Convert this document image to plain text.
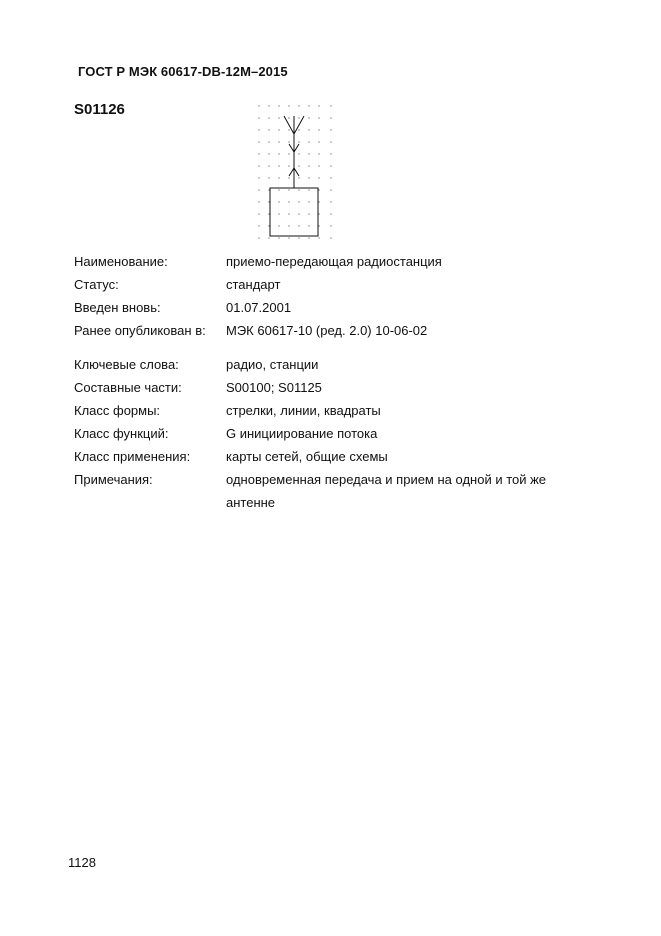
ГОСТ Р МЭК 60617-DB-12M–2015
S01126
Наименование:	приемо-передающая радиостанция
Статус:	стандарт
Введен вновь:	01.07.2001
Ранее опубликован в:	МЭК 60617-10 (ред. 2.0) 10-06-02
Ключевые слова:	радио, станции
Составные части:	S00100; S01125
Класс формы:	стрелки, линии, квадраты
Класс функций:	G инициирование потока
Класс применения:	карты сетей, общие схемы
Примечания:	одновременная передача и прием на одной и той же антенне
1128
